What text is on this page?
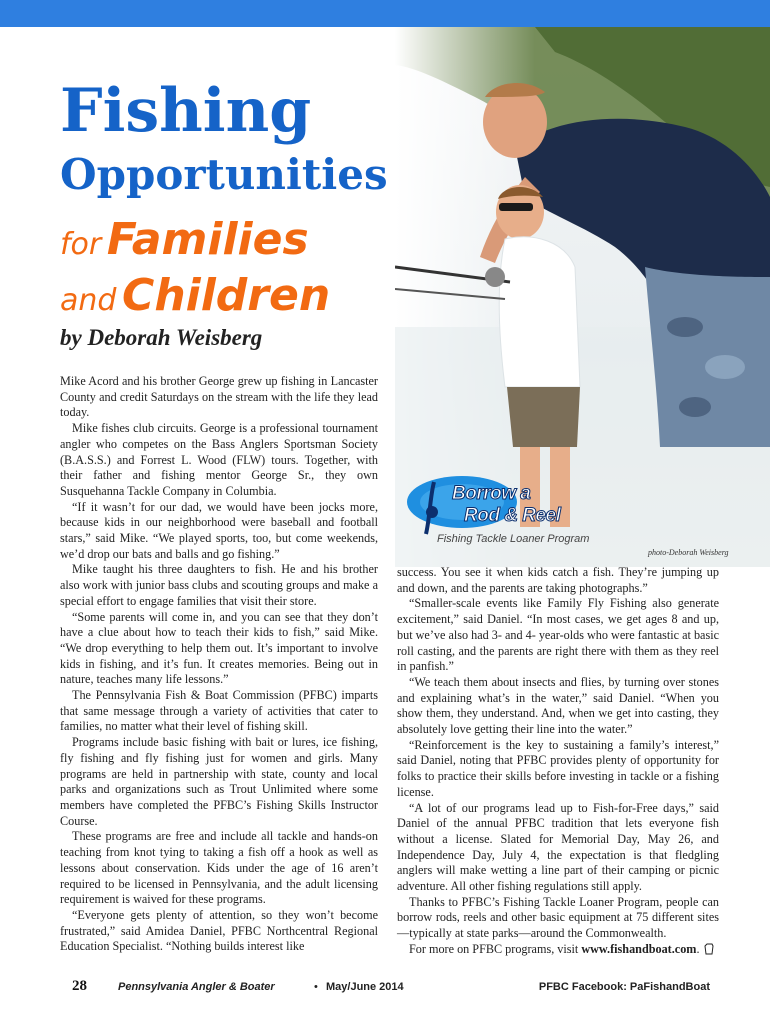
photo-Deborah Weisberg
Fishing
Opportunities
for Families
and Children
by Deborah Weisberg

Mike Acord and his brother George grew up fishing in Lancaster County and credit Saturdays on the stream with the life they lead today.

Mike fishes club circuits. George is a professional tournament angler who competes on the Bass Anglers Sportsman Society (B.A.S.S.) and Forrest L. Wood (FLW) tours. Together, with their father and fishing mentor George Sr., they own Susquehanna Tackle Company in Columbia.

“If it wasn’t for our dad, we would have been jocks more, because kids in our neighborhood were baseball and football stars,” said Mike. “We played sports, too, but come weekends, we’d drop our bats and balls and go fishing.”

Mike taught his three daughters to fish. He and his brother also work with junior bass clubs and scouting groups and make a special effort to engage families that visit their store.

“Some parents will come in, and you can see that they don’t have a clue about how to teach their kids to fish,” said Mike. “We drop everything to help them out. It’s important to involve kids in fishing, and it’s fun. It creates memories. Being out in nature, teaches many life lessons.”

The Pennsylvania Fish & Boat Commission (PFBC) imparts that same message through a variety of activities that cater to families, no matter what their level of fishing skill.

Programs include basic fishing with bait or lures, ice fishing, fly fishing and fly fishing just for women and girls. Many programs are held in partnership with state, county and local parks and organizations such as Trout Unlimited where some members have completed the PFBC’s Fishing Skills Instructor Course.

These programs are free and include all tackle and hands-on teaching from knot tying to taking a fish off a hook as well as lessons about conservation. Kids under the age of 16 aren’t required to be licensed in Pennsylvania, and the adult licensing requirement is waived for these programs.

“Everyone gets plenty of attention, so they won’t become frustrated,” said Amidea Daniel, PFBC Northcentral Regional Education Specialist. “Nothing builds interest like

Borrow a
Rod & Reel
Fishing Tackle Loaner Program

success. You see it when kids catch a fish. They’re jumping up and down, and the parents are taking photographs.”

“Smaller-scale events like Family Fly Fishing also generate excitement,” said Daniel. “In most cases, we get ages 8 and up, but we’ve also had 3- and 4- year-olds who were fantastic at basic roll casting, and the parents are right there with them as they reel in panfish.”

“We teach them about insects and flies, by turning over stones and explaining what’s in the water,” said Daniel. “When you show them, they understand. And, when we get into casting, they absolutely love getting their line into the water.”

“Reinforcement is the key to sustaining a family’s interest,” said Daniel, noting that PFBC provides plenty of opportunity for folks to practice their skills before investing in tackle or a fishing license.

“A lot of our programs lead up to Fish-for-Free days,” said Daniel of the annual PFBC tradition that lets everyone fish without a license. Slated for Memorial Day, May 26, and Independence Day, July 4, the expectation is that fledgling anglers will make wetting a line part of their camping or picnic adventure. All other fishing regulations still apply.

Thanks to PFBC’s Fishing Tackle Loaner Program, people can borrow rods, reels and other basic equipment at 75 different sites—typically at state parks—around the Commonwealth.

For more on PFBC programs, visit www.fishandboat.com.

28	Pennsylvania Angler & Boater	• May/June 2014	PFBC Facebook: PaFishandBoat
